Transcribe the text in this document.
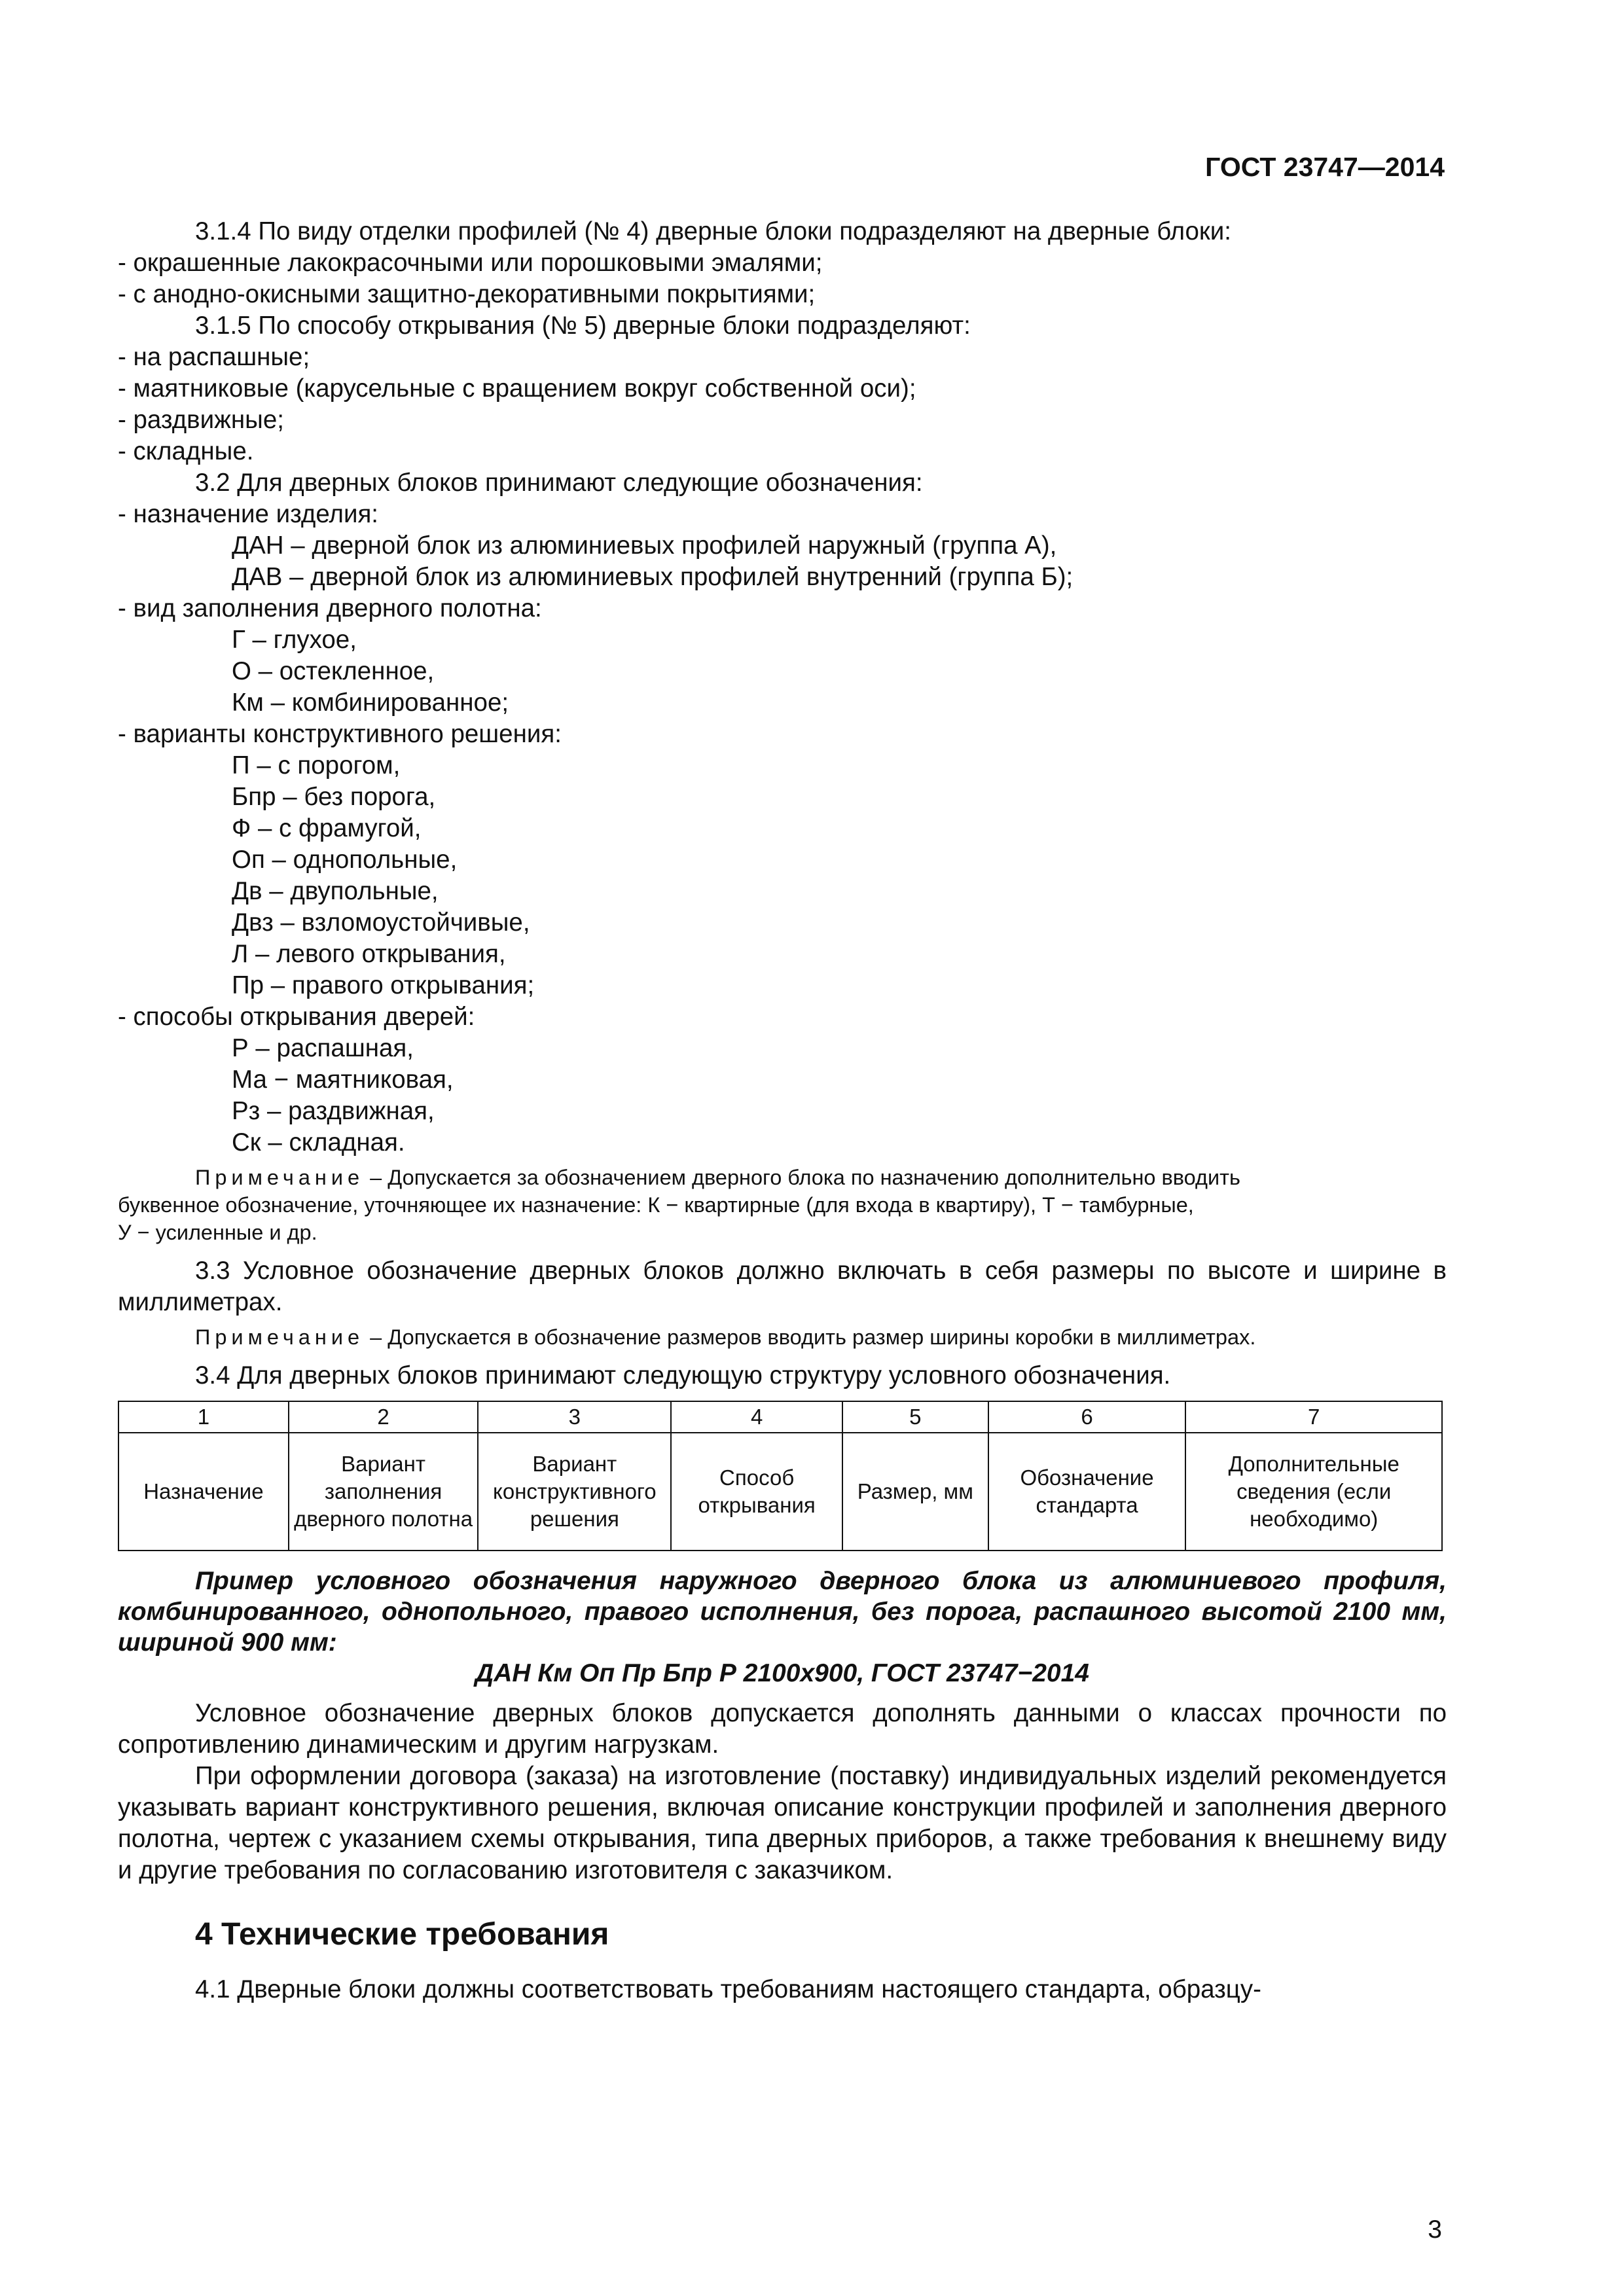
ГОСТ 23747—2014
3.1.4 По виду отделки профилей (№ 4) дверные блоки подразделяют на дверные блоки:
- окрашенные лакокрасочными или порошковыми эмалями;
- с анодно-окисными защитно-декоративными покрытиями;
3.1.5 По способу открывания (№ 5) дверные блоки подразделяют:
- на распашные;
- маятниковые (карусельные с вращением вокруг собственной оси);
- раздвижные;
- складные.
3.2 Для дверных блоков принимают следующие обозначения:
- назначение изделия:
ДАН – дверной блок из алюминиевых профилей наружный (группа А),
ДАВ – дверной блок из алюминиевых профилей внутренний (группа Б);
- вид заполнения дверного полотна:
Г – глухое,
О – остекленное,
Км – комбинированное;
- варианты конструктивного решения:
П – с порогом,
Бпр – без порога,
Ф – с фрамугой,
Оп – однопольные,
Дв – двупольные,
Двз – взломоустойчивые,
Л – левого открывания,
Пр – правого открывания;
- способы открывания дверей:
Р – распашная,
Ма − маятниковая,
Рз – раздвижная,
Ск – складная.
Примечание – Допускается за обозначением дверного блока по назначению дополнительно вводить
буквенное обозначение, уточняющее их назначение: К − квартирные (для входа в квартиру), Т − тамбурные,
У − усиленные и др.
3.3 Условное обозначение дверных блоков должно включать в себя размеры по высоте и ширине в миллиметрах.
Примечание – Допускается в обозначение размеров вводить размер ширины коробки в миллиметрах.
3.4 Для дверных блоков принимают следующую структуру условного обозначения.
1	2	3	4	5	6	7
Назначение	Вариант заполнения дверного полотна	Вариант конструктивного решения	Способ открывания	Размер, мм	Обозначение стандарта	Дополнительные сведения (если необходимо)
Пример условного обозначения наружного дверного блока из алюминиевого профиля, комбинированного, однопольного, правого исполнения, без порога, распашного высотой 2100 мм, шириной 900 мм:
ДАН Км Оп Пр Бпр Р 2100х900, ГОСТ 23747−2014
Условное обозначение дверных блоков допускается дополнять данными о классах прочности по сопротивлению динамическим и другим нагрузкам.
При оформлении договора (заказа) на изготовление (поставку) индивидуальных изделий рекомендуется указывать вариант конструктивного решения, включая описание конструкции профилей и заполнения дверного полотна, чертеж с указанием схемы открывания, типа дверных приборов, а также требования к внешнему виду и другие требования по согласованию изготовителя с заказчиком.
4 Технические требования
4.1 Дверные блоки должны соответствовать требованиям настоящего стандарта, образцу-
3
